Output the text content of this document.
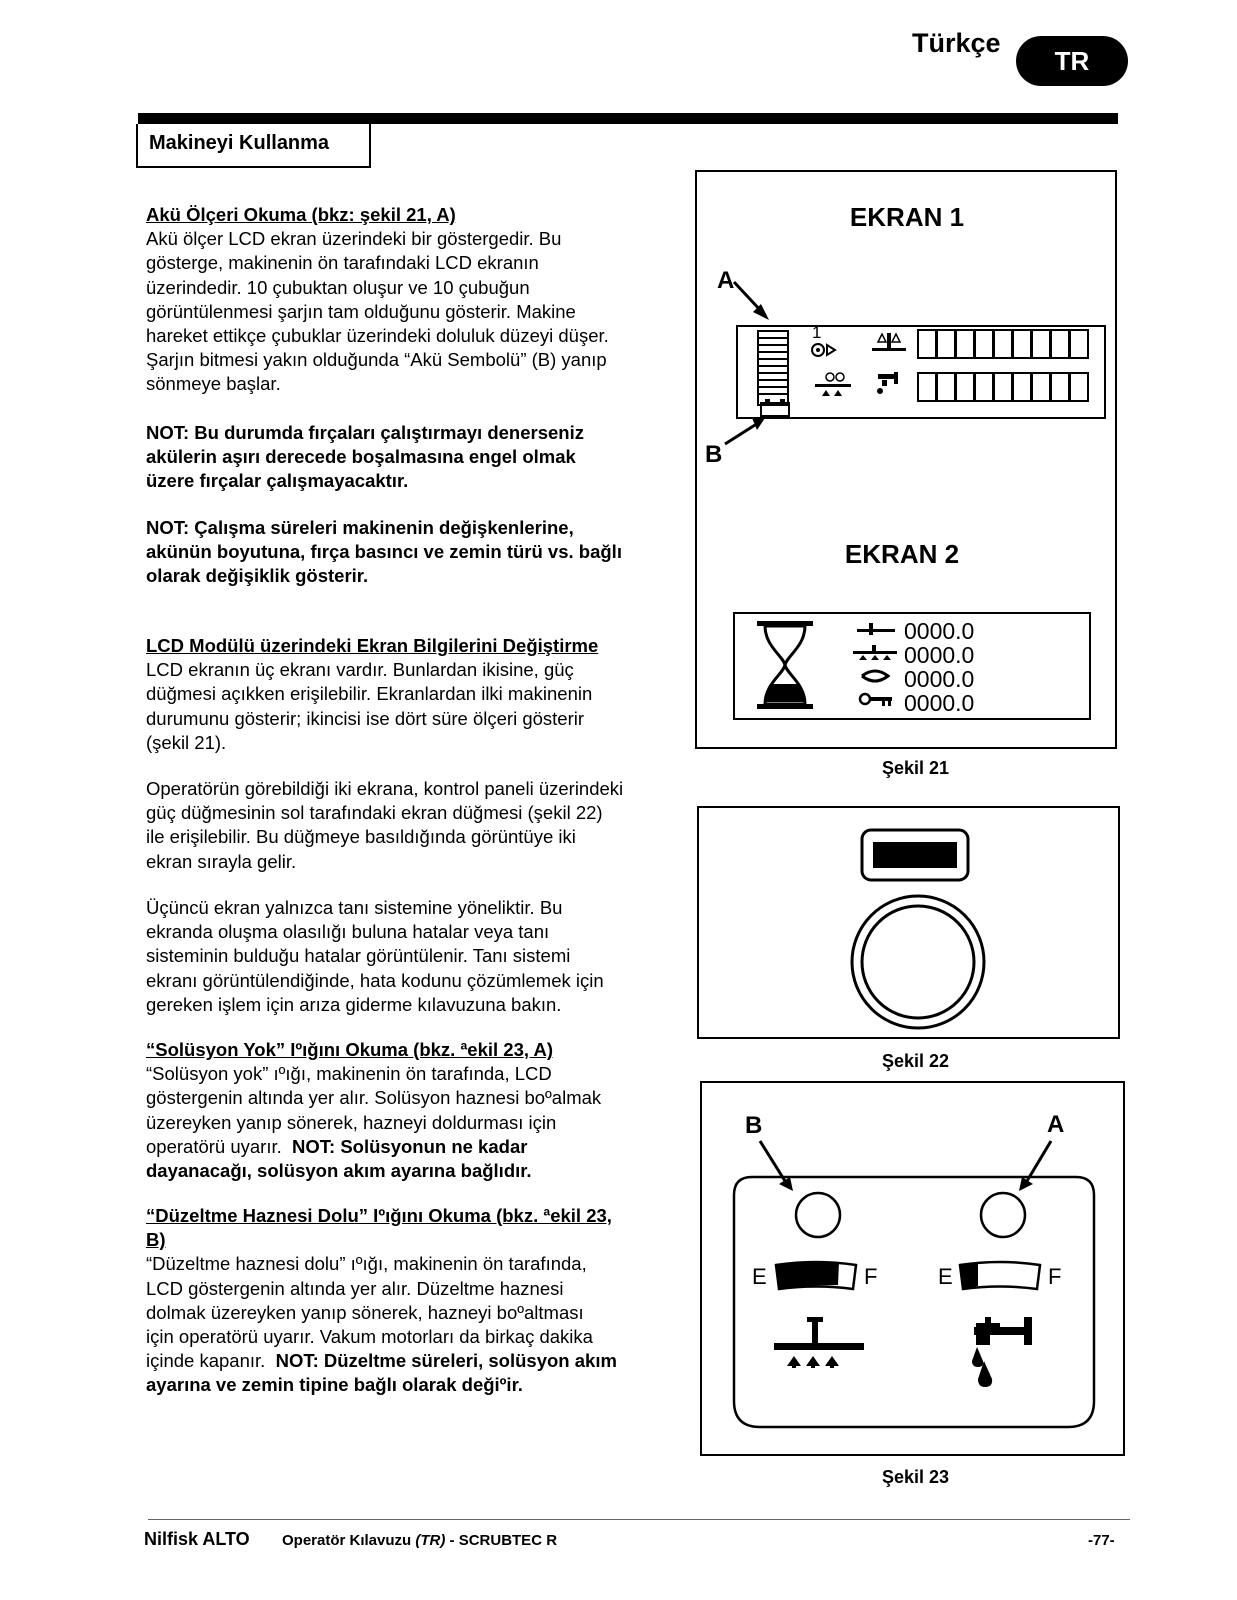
Türkçe
TR
Makineyi Kullanma

Akü Ölçeri Okuma (bkz: şekil 21, A)

Akü ölçer LCD ekran üzerindeki bir göstergedir. Bu

gösterge, makinenin ön tarafındaki LCD ekranın

üzerindedir. 10 çubuktan oluşur ve 10 çubuğun

görüntülenmesi şarjın tam olduğunu gösterir. Makine

hareket ettikçe çubuklar üzerindeki doluluk düzeyi düşer.

Şarjın bitmesi yakın olduğunda “Akü Sembolü” (B) yanıp

sönmeye başlar.

NOT: Bu durumda fırçaları çalıştırmayı denerseniz

akülerin aşırı derecede boşalmasına engel olmak

üzere fırçalar çalışmayacaktır.

NOT: Çalışma süreleri makinenin değişkenlerine,

akünün boyutuna, fırça basıncı ve zemin türü vs. bağlı

olarak değişiklik gösterir.

LCD Modülü üzerindeki Ekran Bilgilerini Değiştirme

LCD ekranın üç ekranı vardır. Bunlardan ikisine, güç

düğmesi açıkken erişilebilir. Ekranlardan ilki makinenin

durumunu gösterir; ikincisi ise dört süre ölçeri gösterir

(şekil 21).

Operatörün görebildiği iki ekrana, kontrol paneli üzerindeki

güç düğmesinin sol tarafındaki ekran düğmesi (şekil 22)

ile erişilebilir. Bu düğmeye basıldığında görüntüye iki

ekran sırayla gelir.

Üçüncü ekran yalnızca tanı sistemine yöneliktir. Bu

ekranda oluşma olasılığı buluna hatalar veya tanı

sisteminin bulduğu hatalar görüntülenir. Tanı sistemi

ekranı görüntülendiğinde, hata kodunu çözümlemek için

gereken işlem için arıza giderme kılavuzuna bakın.

“Solüsyon Yok” Iºığını Okuma (bkz. ªekil 23, A)

“Solüsyon yok” ıºığı, makinenin ön tarafında, LCD

göstergenin altında yer alır. Solüsyon haznesi boºalmak

üzereyken yanıp sönerek, hazneyi doldurması için

operatörü uyarır.  NOT: Solüsyonun ne kadar

dayanacağı, solüsyon akım ayarına bağlıdır.

“Düzeltme Haznesi Dolu” Iºığını Okuma (bkz. ªekil 23,

B)

“Düzeltme haznesi dolu” ıºığı, makinenin ön tarafında,

LCD göstergenin altında yer alır. Düzeltme haznesi

dolmak üzereyken yanıp sönerek, hazneyi boºaltması

için operatörü uyarır. Vakum motorları da birkaç dakika

içinde kapanır.  NOT: Düzeltme süreleri, solüsyon akım

ayarına ve zemin tipine bağlı olarak değiºir.

EKRAN 1
A
1
B
EKRAN 2
0000.0
0000.0
0000.0
0000.0
Şekil 21
Şekil 22
B	A
E	F	E	F
Şekil 23
Nilfisk ALTO Operatör Kılavuzu (TR) - SCRUBTEC R	-77-
